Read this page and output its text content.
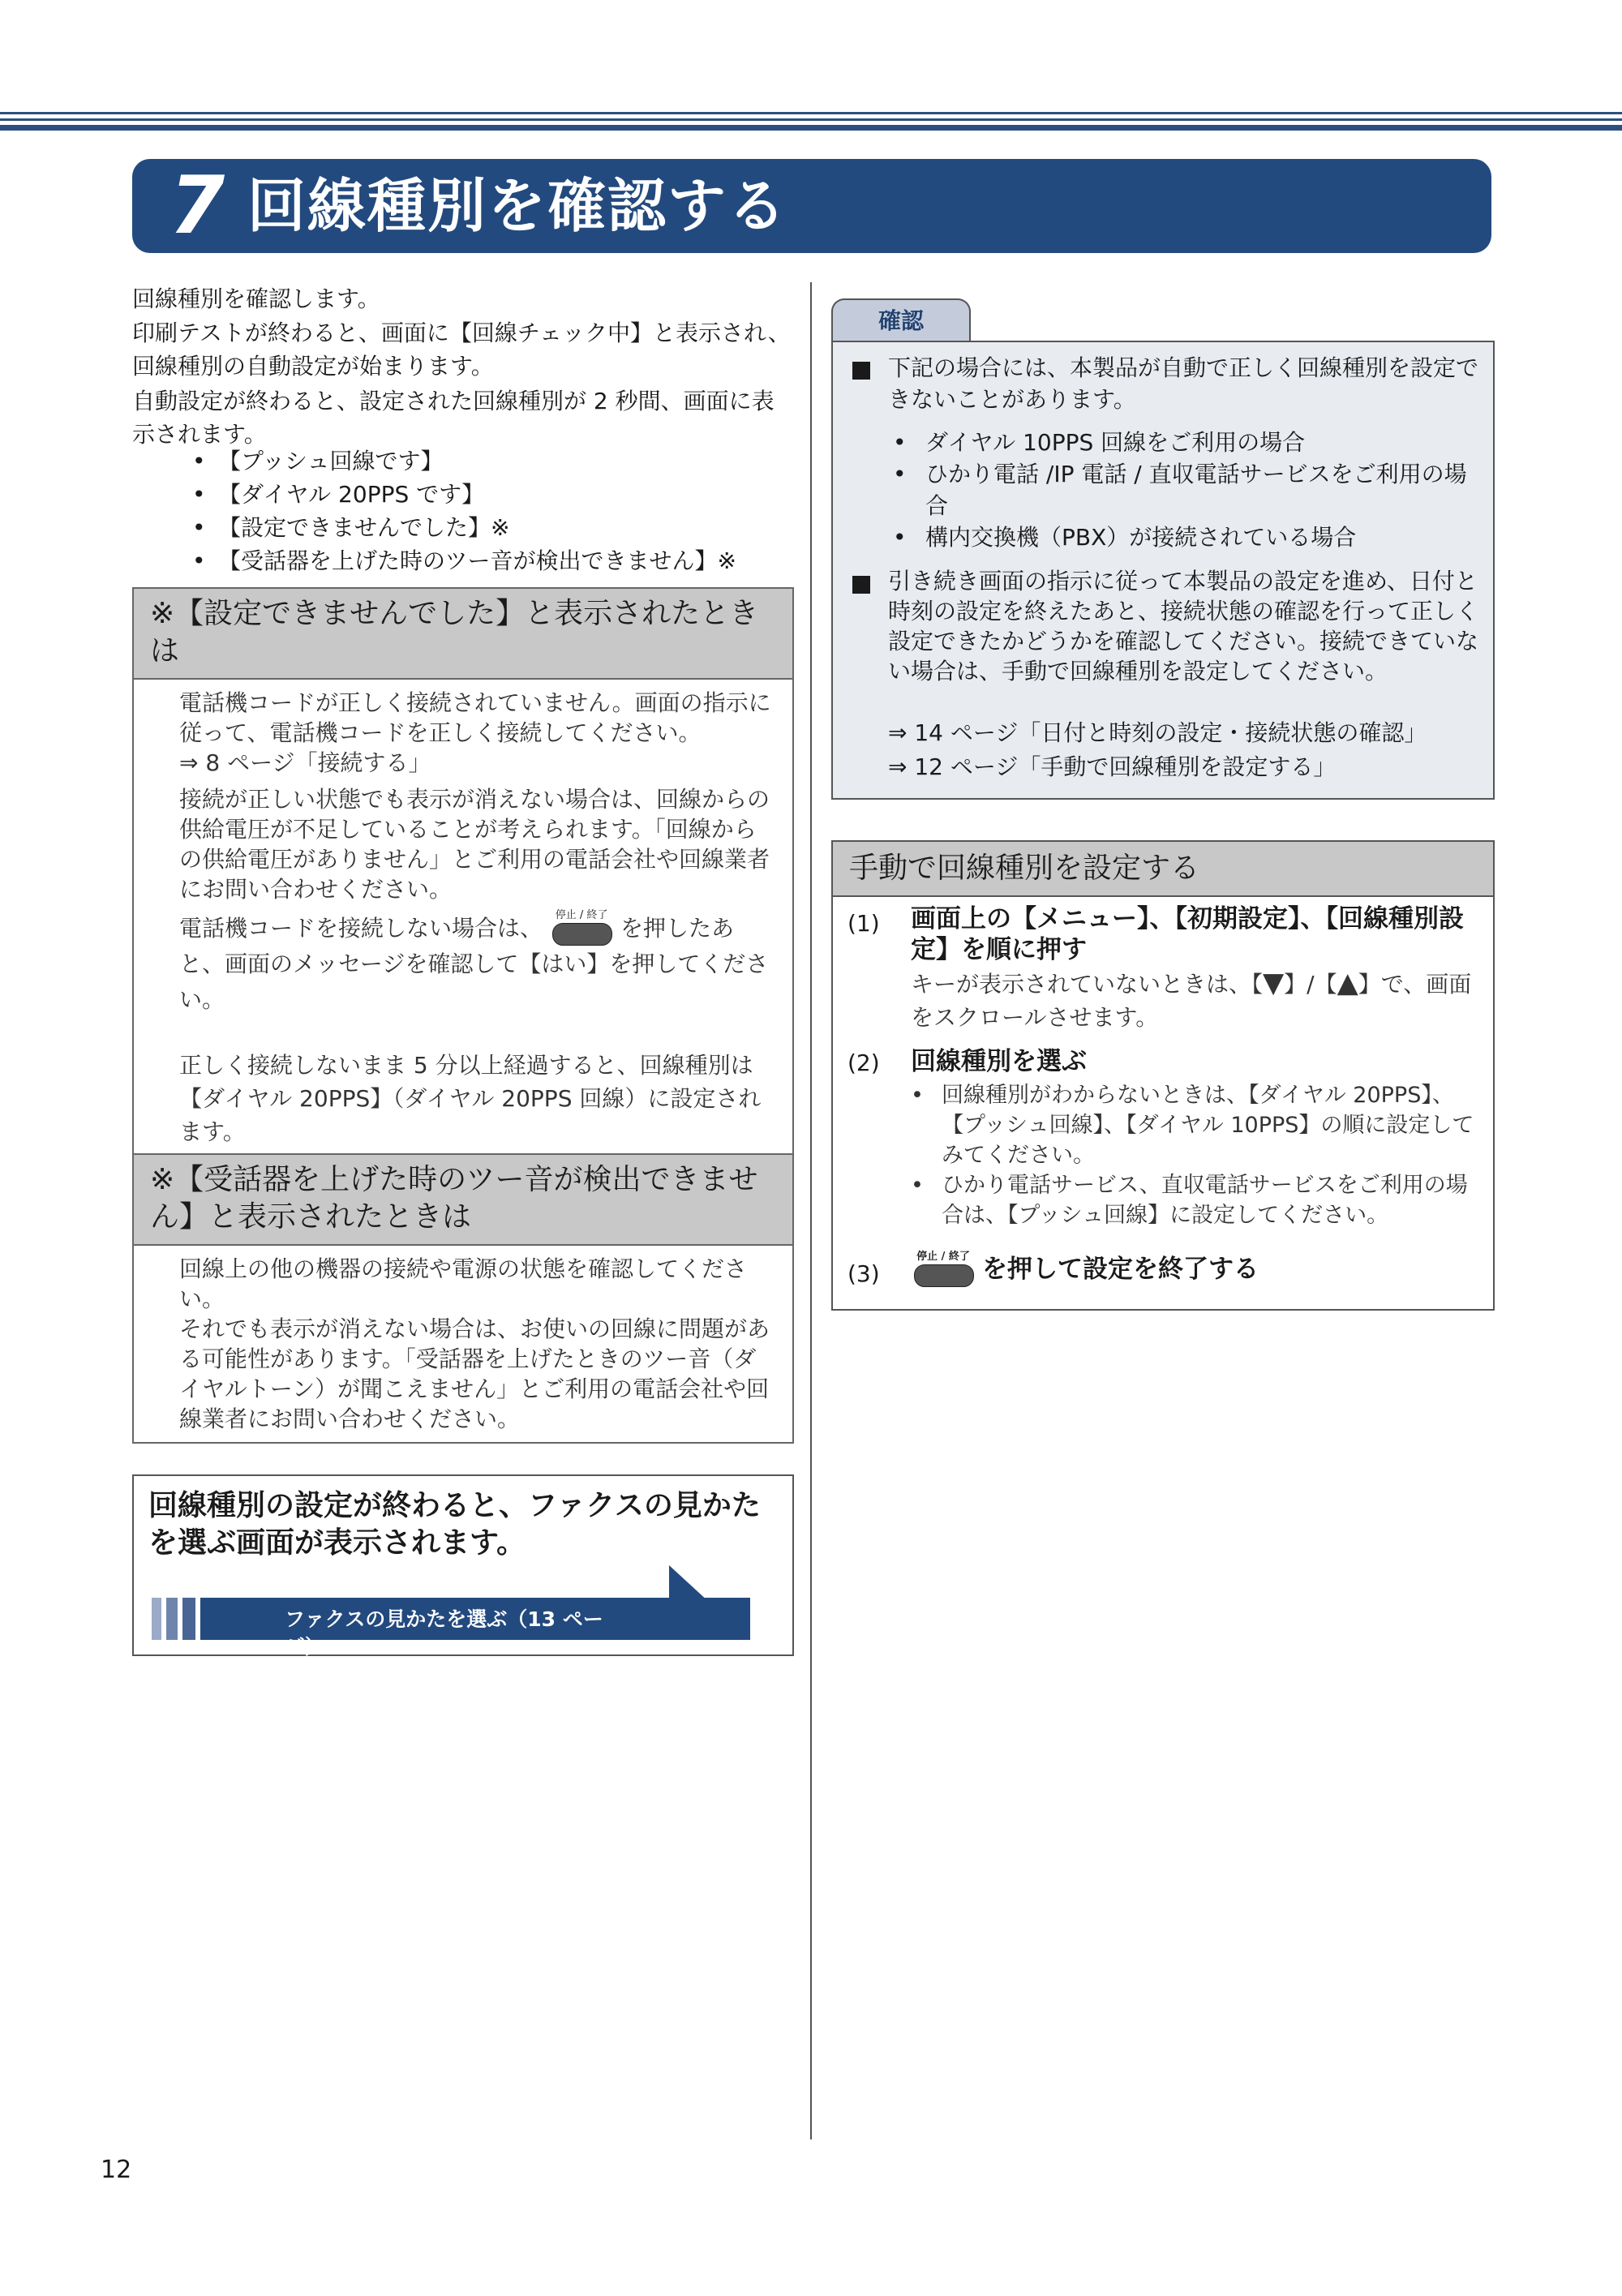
7 回線種別を確認する
回線種別を確認します。
印刷テストが終わると、画面に【回線チェック中】と表示され、回線種別の自動設定が始まります。
自動設定が終わると、設定された回線種別が 2 秒間、画面に表示されます。
• 【プッシュ回線です】
• 【ダイヤル 20PPS です】
• 【設定できませんでした】※
• 【受話器を上げた時のツー音が検出できません】※
※【設定できませんでした】と表示されたときは
電話機コードが正しく接続されていません。画面の指示に従って、電話機コードを正しく接続してください。
⇒ 8 ページ「接続する」
接続が正しい状態でも表示が消えない場合は、回線からの供給電圧が不足していることが考えられます。「回線からの供給電圧がありません」とご利用の電話会社や回線業者にお問い合わせください。
電話機コードを接続しない場合は、	停止 / 終了 を押したあと、画面のメッセージを確認して【はい】を押してください。
正しく接続しないまま 5 分以上経過すると、回線種別は【ダイヤル 20PPS】（ダイヤル 20PPS 回線）に設定されます。
※【受話器を上げた時のツー音が検出できません】と表示されたときは
回線上の他の機器の接続や電源の状態を確認してください。
それでも表示が消えない場合は、お使いの回線に問題がある可能性があります。「受話器を上げたときのツー音（ダイヤルトーン）が聞こえません」とご利用の電話会社や回線業者にお問い合わせください。
回線種別の設定が終わると、ファクスの見かたを選ぶ画面が表示されます。
ファクスの見かたを選ぶ（13 ページ）
確認
下記の場合には、本製品が自動で正しく回線種別を設定できないことがあります。
• ダイヤル 10PPS 回線をご利用の場合
• ひかり電話 /IP 電話 / 直収電話サービスをご利用の場合
• 構内交換機（PBX）が接続されている場合
引き続き画面の指示に従って本製品の設定を進め、日付と時刻の設定を終えたあと、接続状態の確認を行って正しく設定できたかどうかを確認してください。接続できていない場合は、手動で回線種別を設定してください。
⇒ 14 ページ「日付と時刻の設定・接続状態の確認」
⇒ 12 ページ「手動で回線種別を設定する」
手動で回線種別を設定する
(1) 画面上の【メニュー】、【初期設定】、【回線種別設定】を順に押す
キーが表示されていないときは、【▼】/【▲】で、画面をスクロールさせます。
(2) 回線種別を選ぶ
• 回線種別がわからないときは、【ダイヤル 20PPS】、【プッシュ回線】、【ダイヤル 10PPS】の順に設定してみてください。
• ひかり電話サービス、直収電話サービスをご利用の場合は、【プッシュ回線】に設定してください。
(3)
停止 / 終了 を押して設定を終了する
12
